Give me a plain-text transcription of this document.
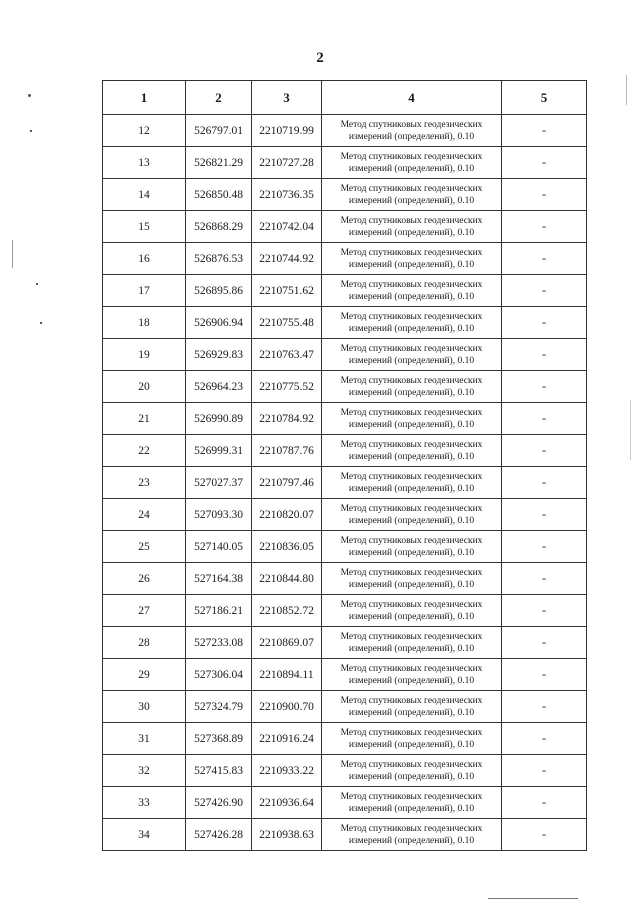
2
1	2	3	4	5
12	526797.01	2210719.99	Метод спутниковых геодезических измерений (определений), 0.10	-
13	526821.29	2210727.28	Метод спутниковых геодезических измерений (определений), 0.10	-
14	526850.48	2210736.35	Метод спутниковых геодезических измерений (определений), 0.10	-
15	526868.29	2210742.04	Метод спутниковых геодезических измерений (определений), 0.10	-
16	526876.53	2210744.92	Метод спутниковых геодезических измерений (определений), 0.10	-
17	526895.86	2210751.62	Метод спутниковых геодезических измерений (определений), 0.10	-
18	526906.94	2210755.48	Метод спутниковых геодезических измерений (определений), 0.10	-
19	526929.83	2210763.47	Метод спутниковых геодезических измерений (определений), 0.10	-
20	526964.23	2210775.52	Метод спутниковых геодезических измерений (определений), 0.10	-
21	526990.89	2210784.92	Метод спутниковых геодезических измерений (определений), 0.10	-
22	526999.31	2210787.76	Метод спутниковых геодезических измерений (определений), 0.10	-
23	527027.37	2210797.46	Метод спутниковых геодезических измерений (определений), 0.10	-
24	527093.30	2210820.07	Метод спутниковых геодезических измерений (определений), 0.10	-
25	527140.05	2210836.05	Метод спутниковых геодезических измерений (определений), 0.10	-
26	527164.38	2210844.80	Метод спутниковых геодезических измерений (определений), 0.10	-
27	527186.21	2210852.72	Метод спутниковых геодезических измерений (определений), 0.10	-
28	527233.08	2210869.07	Метод спутниковых геодезических измерений (определений), 0.10	-
29	527306.04	2210894.11	Метод спутниковых геодезических измерений (определений), 0.10	-
30	527324.79	2210900.70	Метод спутниковых геодезических измерений (определений), 0.10	-
31	527368.89	2210916.24	Метод спутниковых геодезических измерений (определений), 0.10	-
32	527415.83	2210933.22	Метод спутниковых геодезических измерений (определений), 0.10	-
33	527426.90	2210936.64	Метод спутниковых геодезических измерений (определений), 0.10	-
34	527426.28	2210938.63	Метод спутниковых геодезических измерений (определений), 0.10	-
